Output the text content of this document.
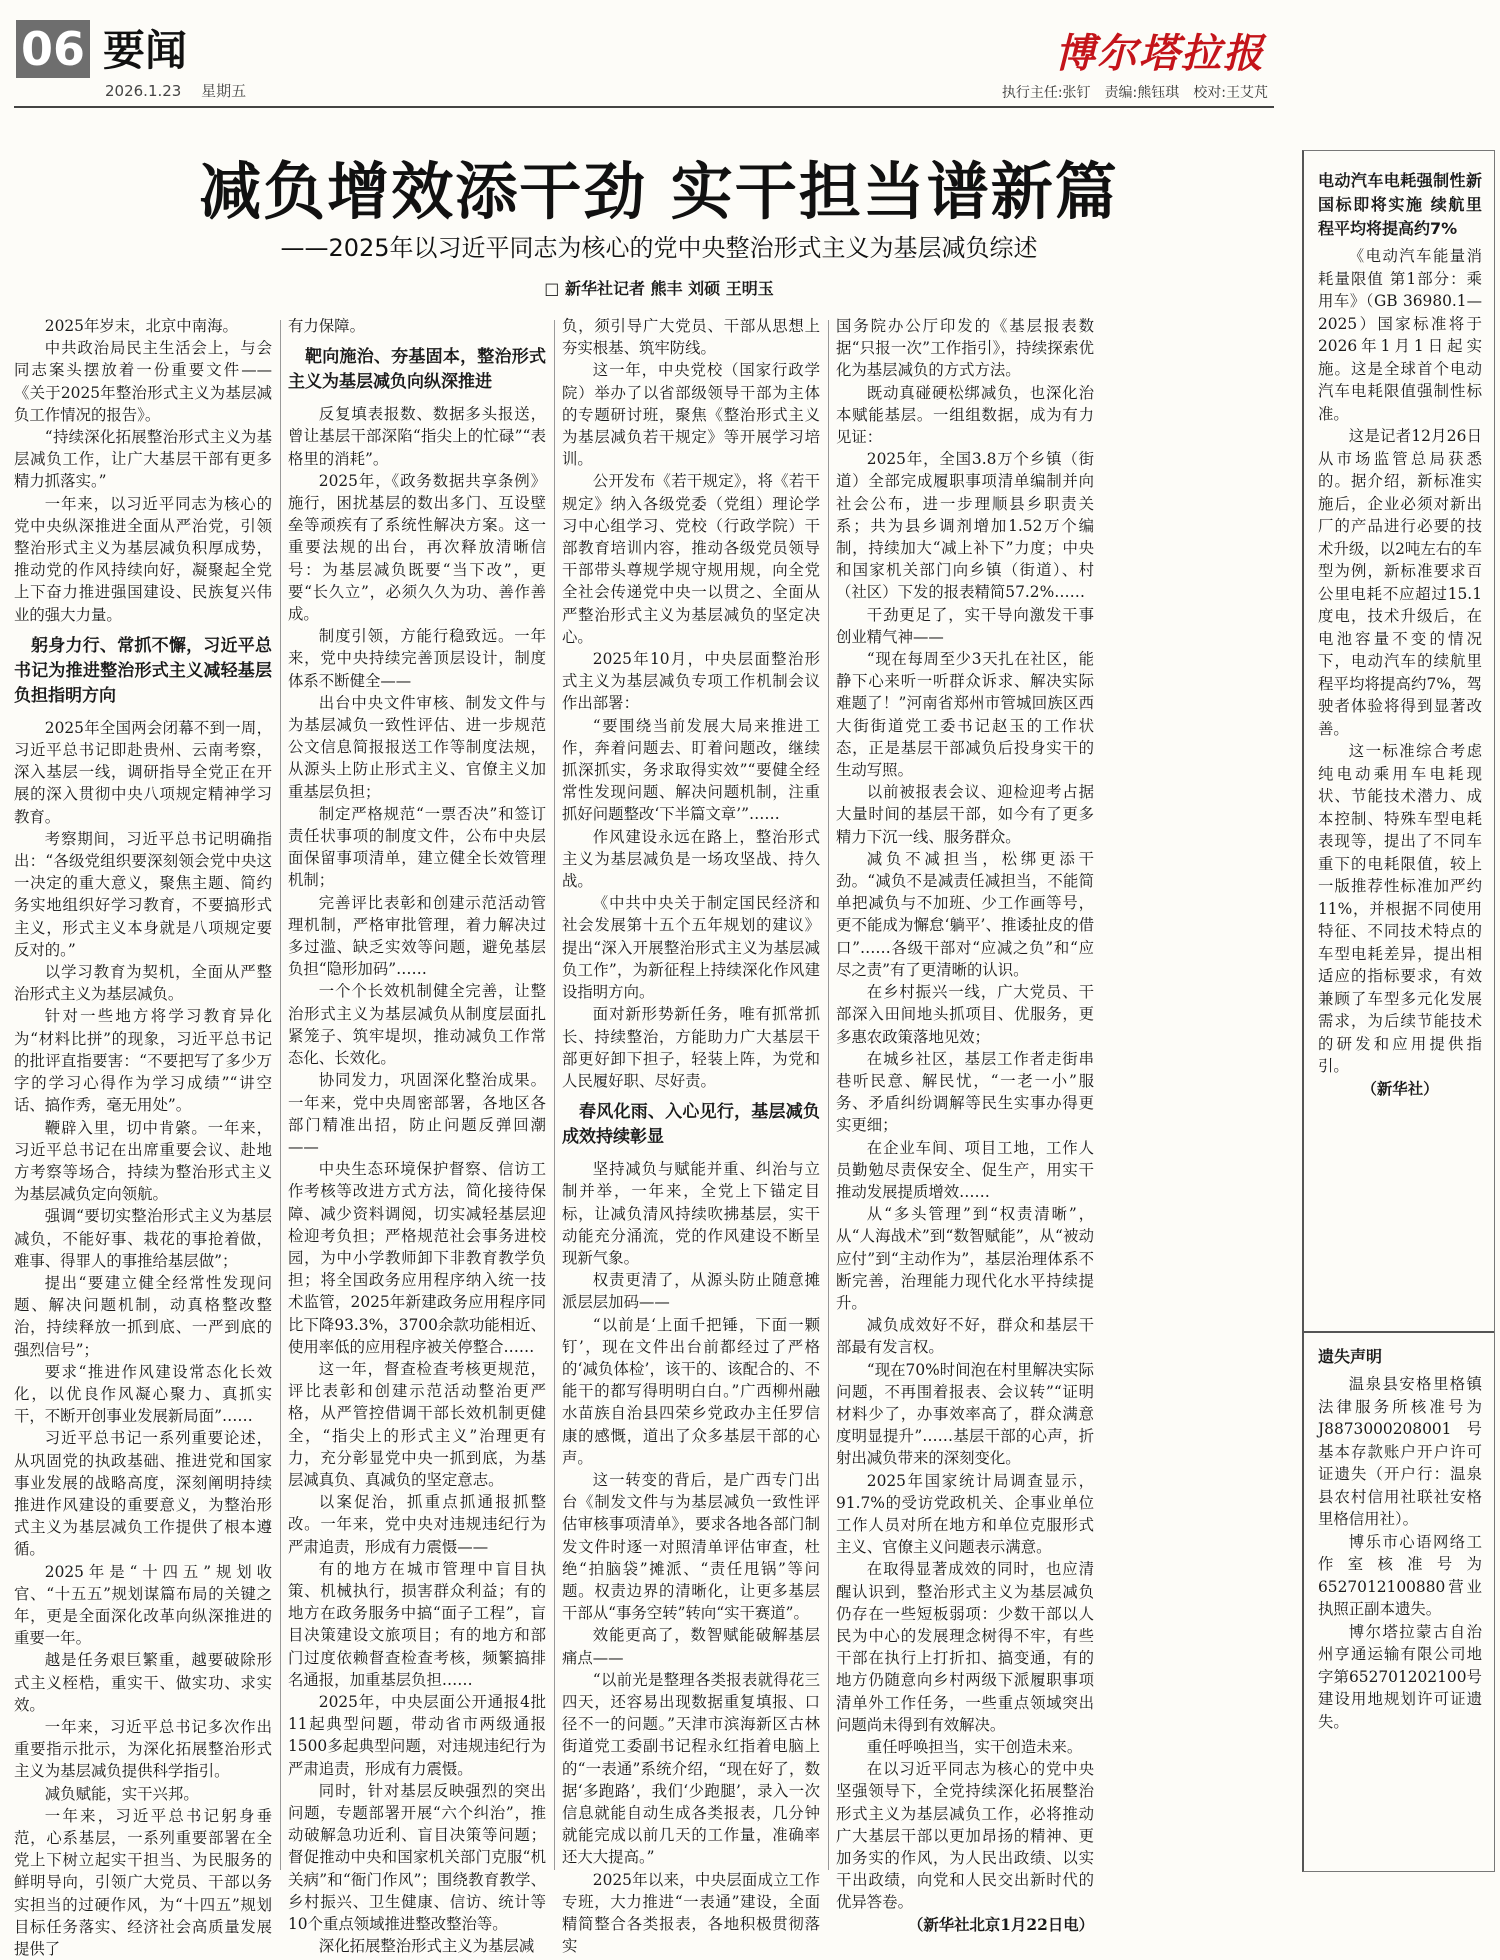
06 要闻
2026.1.23　 星期五
博尔塔拉报
执行主任:张钉　责编:熊钰琪　校对:王艾芃
减负增效添干劲 实干担当谱新篇
——2025年以习近平同志为核心的党中央整治形式主义为基层减负综述
□ 新华社记者 熊丰 刘硕 王明玉

2025年岁末，北京中南海。

中共政治局民主生活会上，与会同志案头摆放着一份重要文件——《关于2025年整治形式主义为基层减负工作情况的报告》。

“持续深化拓展整治形式主义为基层减负工作，让广大基层干部有更多精力抓落实。”

一年来，以习近平同志为核心的党中央纵深推进全面从严治党，引领整治形式主义为基层减负积厚成势，推动党的作风持续向好，凝聚起全党上下奋力推进强国建设、民族复兴伟业的强大力量。

躬身力行、常抓不懈，习近平总书记为推进整治形式主义减轻基层负担指明方向

2025年全国两会闭幕不到一周，习近平总书记即赴贵州、云南考察，深入基层一线，调研指导全党正在开展的深入贯彻中央八项规定精神学习教育。

考察期间，习近平总书记明确指出：“各级党组织要深刻领会党中央这一决定的重大意义，聚焦主题、简约务实地组织好学习教育，不要搞形式主义，形式主义本身就是八项规定要反对的。”

以学习教育为契机，全面从严整治形式主义为基层减负。

针对一些地方将学习教育异化为“材料比拼”的现象，习近平总书记的批评直指要害：“不要把写了多少万字的学习心得作为学习成绩”“讲空话、搞作秀，毫无用处”。

鞭辟入里，切中肯綮。一年来，习近平总书记在出席重要会议、赴地方考察等场合，持续为整治形式主义为基层减负定向领航。

强调“要切实整治形式主义为基层减负，不能好事、栽花的事抢着做，难事、得罪人的事推给基层做”；

提出“要建立健全经常性发现问题、解决问题机制，动真格整改整治，持续释放一抓到底、一严到底的强烈信号”；

要求“推进作风建设常态化长效化，以优良作风凝心聚力、真抓实干，不断开创事业发展新局面”……

习近平总书记一系列重要论述，从巩固党的执政基础、推进党和国家事业发展的战略高度，深刻阐明持续推进作风建设的重要意义，为整治形式主义为基层减负工作提供了根本遵循。

2025年是“十四五”规划收官、“十五五”规划谋篇布局的关键之年，更是全面深化改革向纵深推进的重要一年。

越是任务艰巨繁重，越要破除形式主义桎梏，重实干、做实功、求实效。

一年来，习近平总书记多次作出重要指示批示，为深化拓展整治形式主义为基层减负提供科学指引。

减负赋能，实干兴邦。

一年来，习近平总书记躬身垂范，心系基层，一系列重要部署在全党上下树立起实干担当、为民服务的鲜明导向，引领广大党员、干部以务实担当的过硬作风，为“十四五”规划目标任务落实、经济社会高质量发展提供了

有力保障。

靶向施治、夯基固本，整治形式主义为基层减负向纵深推进

反复填表报数、数据多头报送，曾让基层干部深陷“指尖上的忙碌”“表格里的消耗”。

2025年，《政务数据共享条例》施行，困扰基层的数出多门、互设壁垒等顽疾有了系统性解决方案。这一重要法规的出台，再次释放清晰信号：为基层减负既要“当下改”，更要“长久立”，必须久久为功、善作善成。

制度引领，方能行稳致远。一年来，党中央持续完善顶层设计，制度体系不断健全——

出台中央文件审核、制发文件与为基层减负一致性评估、进一步规范公文信息简报报送工作等制度法规，从源头上防止形式主义、官僚主义加重基层负担；

制定严格规范“一票否决”和签订责任状事项的制度文件，公布中央层面保留事项清单，建立健全长效管理机制；

完善评比表彰和创建示范活动管理机制，严格审批管理，着力解决过多过滥、缺乏实效等问题，避免基层负担“隐形加码”……

一个个长效机制健全完善，让整治形式主义为基层减负从制度层面扎紧笼子、筑牢堤坝，推动减负工作常态化、长效化。

协同发力，巩固深化整治成果。一年来，党中央周密部署，各地区各部门精准出招，防止问题反弹回潮——

中央生态环境保护督察、信访工作考核等改进方式方法，简化接待保障、减少资料调阅，切实减轻基层迎检迎考负担；严格规范社会事务进校园，为中小学教师卸下非教育教学负担；将全国政务应用程序纳入统一技术监管，2025年新建政务应用程序同比下降93.3%，3700余款功能相近、使用率低的应用程序被关停整合……

这一年，督查检查考核更规范，评比表彰和创建示范活动整治更严格，从严管控借调干部长效机制更健全，“指尖上的形式主义”治理更有力，充分彰显党中央一抓到底，为基层减真负、真减负的坚定意志。

以案促治，抓重点抓通报抓整改。一年来，党中央对违规违纪行为严肃追责，形成有力震慑——

有的地方在城市管理中盲目执策、机械执行，损害群众利益；有的地方在政务服务中搞“面子工程”，盲目决策建设文旅项目；有的地方和部门过度依赖督查检查考核，频繁搞排名通报，加重基层负担……

2025年，中央层面公开通报4批11起典型问题，带动省市两级通报1500多起典型问题，对违规违纪行为严肃追责，形成有力震慑。

同时，针对基层反映强烈的突出问题，专题部署开展“六个纠治”，推动破解急功近利、盲目决策等问题；督促推动中央和国家机关部门克服“机关病”和“衙门作风”；围绕教育教学、乡村振兴、卫生健康、信访、统计等10个重点领域推进整改整治等。

深化拓展整治形式主义为基层减

负，须引导广大党员、干部从思想上夯实根基、筑牢防线。

这一年，中央党校（国家行政学院）举办了以省部级领导干部为主体的专题研讨班，聚焦《整治形式主义为基层减负若干规定》等开展学习培训。

公开发布《若干规定》，将《若干规定》纳入各级党委（党组）理论学习中心组学习、党校（行政学院）干部教育培训内容，推动各级党员领导干部带头尊规学规守规用规，向全党全社会传递党中央一以贯之、全面从严整治形式主义为基层减负的坚定决心。

2025年10月，中央层面整治形式主义为基层减负专项工作机制会议作出部署：

“要围绕当前发展大局来推进工作，奔着问题去、盯着问题改，继续抓深抓实，务求取得实效”“要健全经常性发现问题、解决问题机制，注重抓好问题整改‘下半篇文章’”……

作风建设永远在路上，整治形式主义为基层减负是一场攻坚战、持久战。

《中共中央关于制定国民经济和社会发展第十五个五年规划的建议》提出“深入开展整治形式主义为基层减负工作”，为新征程上持续深化作风建设指明方向。

面对新形势新任务，唯有抓常抓长、持续整治，方能助力广大基层干部更好卸下担子，轻装上阵，为党和人民履好职、尽好责。

春风化雨、入心见行，基层减负成效持续彰显

坚持减负与赋能并重、纠治与立制并举，一年来，全党上下锚定目标，让减负清风持续吹拂基层，实干动能充分涌流，党的作风建设不断呈现新气象。

权责更清了，从源头防止随意摊派层层加码——

“以前是‘上面千把锤，下面一颗钉’，现在文件出台前都经过了严格的‘减负体检’，该干的、该配合的、不能干的都写得明明白白。”广西柳州融水苗族自治县四荣乡党政办主任罗信康的感慨，道出了众多基层干部的心声。

这一转变的背后，是广西专门出台《制发文件与为基层减负一致性评估审核事项清单》，要求各地各部门制发文件时逐一对照清单评估审查，杜绝“拍脑袋”摊派、“责任甩锅”等问题。权责边界的清晰化，让更多基层干部从“事务空转”转向“实干赛道”。

效能更高了，数智赋能破解基层痛点——

“以前光是整理各类报表就得花三四天，还容易出现数据重复填报、口径不一的问题。”天津市滨海新区古林街道党工委副书记程永红指着电脑上的“一表通”系统介绍，“现在好了，数据‘多跑路’，我们‘少跑腿’，录入一次信息就能自动生成各类报表，几分钟就能完成以前几天的工作量，准确率还大大提高。”

2025年以来，中央层面成立工作专班，大力推进“一表通”建设，全面精简整合各类报表，各地积极贯彻落实

国务院办公厅印发的《基层报表数据“只报一次”工作指引》，持续探索优化为基层减负的方式方法。

既动真碰硬松绑减负，也深化治本赋能基层。一组组数据，成为有力见证：

2025年，全国3.8万个乡镇（街道）全部完成履职事项清单编制并向社会公布，进一步理顺县乡职责关系；共为县乡调剂增加1.52万个编制，持续加大“减上补下”力度；中央和国家机关部门向乡镇（街道）、村（社区）下发的报表精简57.2%……

干劲更足了，实干导向激发干事创业精气神——

“现在每周至少3天扎在社区，能静下心来听一听群众诉求、解决实际难题了！”河南省郑州市管城回族区西大街街道党工委书记赵玉的工作状态，正是基层干部减负后投身实干的生动写照。

以前被报表会议、迎检迎考占据大量时间的基层干部，如今有了更多精力下沉一线、服务群众。

减负不减担当，松绑更添干劲。“减负不是减责任减担当，不能简单把减负与不加班、少工作画等号，更不能成为懈怠‘躺平’、推诿扯皮的借口”……各级干部对“应减之负”和“应尽之责”有了更清晰的认识。

在乡村振兴一线，广大党员、干部深入田间地头抓项目、优服务，更多惠农政策落地见效；

在城乡社区，基层工作者走街串巷听民意、解民忧，“一老一小”服务、矛盾纠纷调解等民生实事办得更实更细；

在企业车间、项目工地，工作人员勤勉尽责保安全、促生产，用实干推动发展提质增效……

从“多头管理”到“权责清晰”，从“人海战术”到“数智赋能”，从“被动应付”到“主动作为”，基层治理体系不断完善，治理能力现代化水平持续提升。

减负成效好不好，群众和基层干部最有发言权。

“现在70%时间泡在村里解决实际问题，不再围着报表、会议转”“证明材料少了，办事效率高了，群众满意度明显提升”……基层干部的心声，折射出减负带来的深刻变化。

2025年国家统计局调查显示，91.7%的受访党政机关、企事业单位工作人员对所在地方和单位克服形式主义、官僚主义问题表示满意。

在取得显著成效的同时，也应清醒认识到，整治形式主义为基层减负仍存在一些短板弱项：少数干部以人民为中心的发展理念树得不牢，有些干部在执行上打折扣、搞变通，有的地方仍随意向乡村两级下派履职事项清单外工作任务，一些重点领域突出问题尚未得到有效解决。

重任呼唤担当，实干创造未来。

在以习近平同志为核心的党中央坚强领导下，全党持续深化拓展整治形式主义为基层减负工作，必将推动广大基层干部以更加昂扬的精神、更加务实的作风，为人民出政绩、以实干出政绩，向党和人民交出新时代的优异答卷。

（新华社北京1月22日电）

电动汽车电耗强制性新国标即将实施 续航里程平均将提高约7%

《电动汽车能量消耗量限值 第1部分：乘用车》（GB 36980.1—2025）国家标准将于2026年1月1日起实施。这是全球首个电动汽车电耗限值强制性标准。

这是记者12月26日从市场监管总局获悉的。据介绍，新标准实施后，企业必须对新出厂的产品进行必要的技术升级，以2吨左右的车型为例，新标准要求百公里电耗不应超过15.1度电，技术升级后，在电池容量不变的情况下，电动汽车的续航里程平均将提高约7%，驾驶者体验将得到显著改善。

这一标准综合考虑纯电动乘用车电耗现状、节能技术潜力、成本控制、特殊车型电耗表现等，提出了不同车重下的电耗限值，较上一版推荐性标准加严约11%，并根据不同使用特征、不同技术特点的车型电耗差异，提出相适应的指标要求，有效兼顾了车型多元化发展需求，为后续节能技术的研发和应用提供指引。

（新华社）

遗失声明

温泉县安格里格镇法律服务所核准号为J8873000208001号基本存款账户开户许可证遗失（开户行：温泉县农村信用社联社安格里格信用社）。

博乐市心语网络工作室核准号为6527012100880营业执照正副本遗失。

博尔塔拉蒙古自治州亨通运输有限公司地字第652701202100号建设用地规划许可证遗失。
